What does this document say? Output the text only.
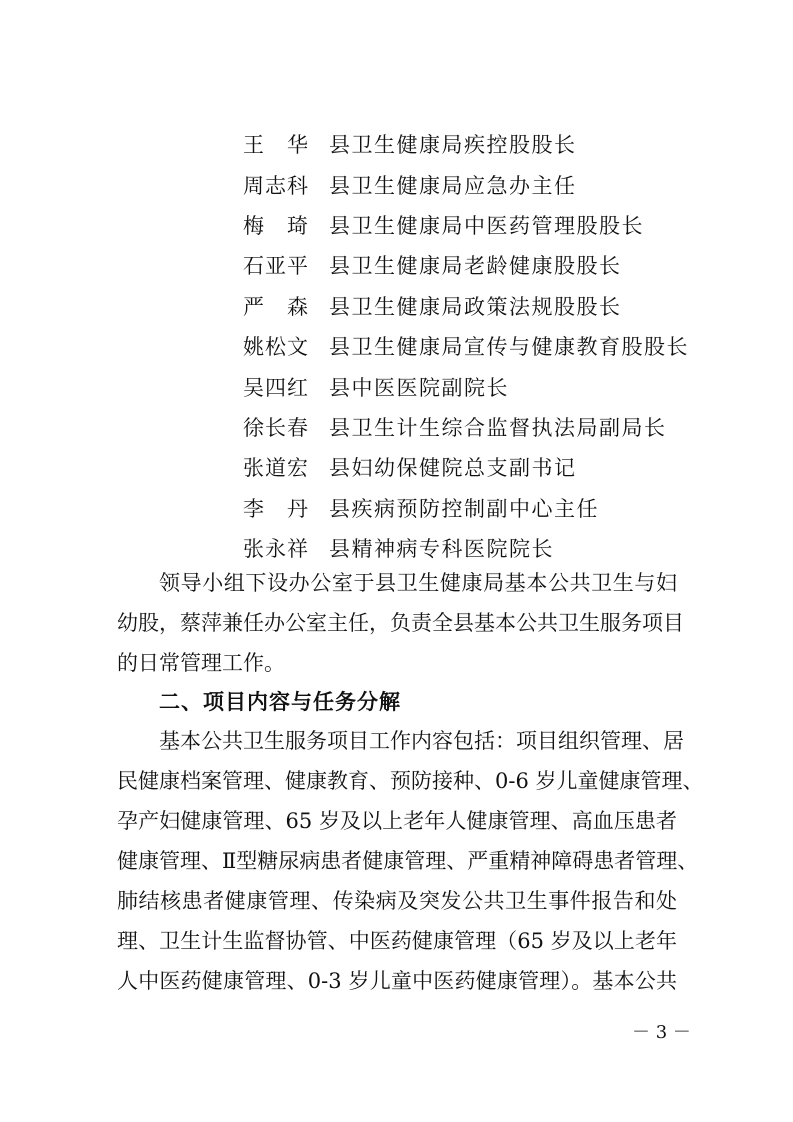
王　华 县卫生健康局疾控股股长
周志科 县卫生健康局应急办主任
梅　琦 县卫生健康局中医药管理股股长
石亚平 县卫生健康局老龄健康股股长
严　森 县卫生健康局政策法规股股长
姚松文 县卫生健康局宣传与健康教育股股长
吴四红 县中医医院副院长
徐长春 县卫生计生综合监督执法局副局长
张道宏 县妇幼保健院总支副书记
李　丹 县疾病预防控制副中心主任
张永祥 县精神病专科医院院长
领导小组下设办公室于县卫生健康局基本公共卫生与妇
幼股，蔡萍兼任办公室主任，负责全县基本公共卫生服务项目
的日常管理工作。
二、项目内容与任务分解
基本公共卫生服务项目工作内容包括：项目组织管理、居
民健康档案管理、健康教育、预防接种、0-6 岁儿童健康管理、
孕产妇健康管理、65 岁及以上老年人健康管理、高血压患者
健康管理、Ⅱ型糖尿病患者健康管理、严重精神障碍患者管理、
肺结核患者健康管理、传染病及突发公共卫生事件报告和处
理、卫生计生监督协管、中医药健康管理（65 岁及以上老年
人中医药健康管理、0-3 岁儿童中医药健康管理）。基本公共
－ 3 －
